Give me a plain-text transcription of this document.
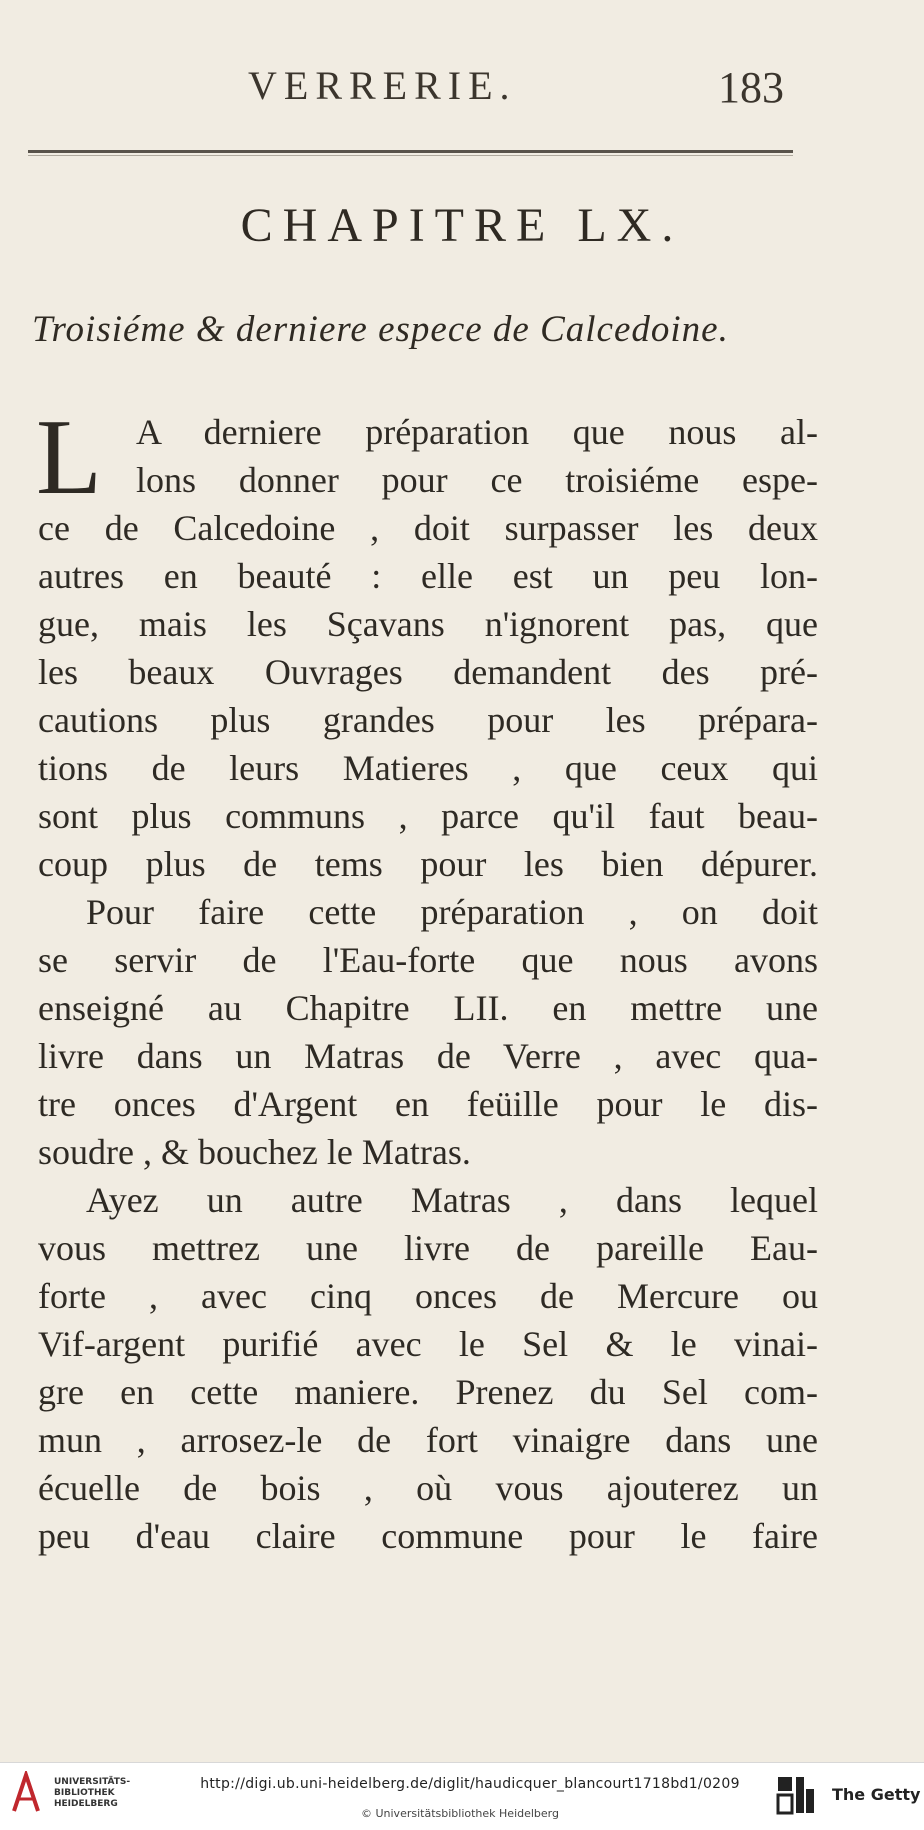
VERRERIE.	183
CHAPITRE LX.
Troisiéme & derniere espece de Calcedoine.
L A derniere préparation que nous al-
lons donner pour ce troisiéme espe-
ce de Calcedoine , doit surpasser les deux
autres en beauté : elle est un peu lon-
gue, mais les Sçavans n'ignorent pas, que
les beaux Ouvrages demandent des pré-
cautions plus grandes pour les prépara-
tions de leurs Matieres , que ceux qui
sont plus communs , parce qu'il faut beau-
coup plus de tems pour les bien dépurer.
Pour faire cette préparation , on doit
se servir de l'Eau-forte que nous avons
enseigné au Chapitre LII. en mettre une
livre dans un Matras de Verre , avec qua-
tre onces d'Argent en feüille pour le dis-
soudre , & bouchez le Matras.
Ayez un autre Matras , dans lequel
vous mettrez une livre de pareille Eau-
forte , avec cinq onces de Mercure ou
Vif-argent purifié avec le Sel & le vinai-
gre en cette maniere. Prenez du Sel com-
mun , arrosez-le de fort vinaigre dans une
écuelle de bois , où vous ajouterez un
peu d'eau claire commune pour le faire
UNIVERSITÄTS-
BIBLIOTHEK
HEIDELBERG
http://digi.ub.uni-heidelberg.de/diglit/haudicquer_blancourt1718bd1/0209
© Universitätsbibliothek Heidelberg
The Getty
